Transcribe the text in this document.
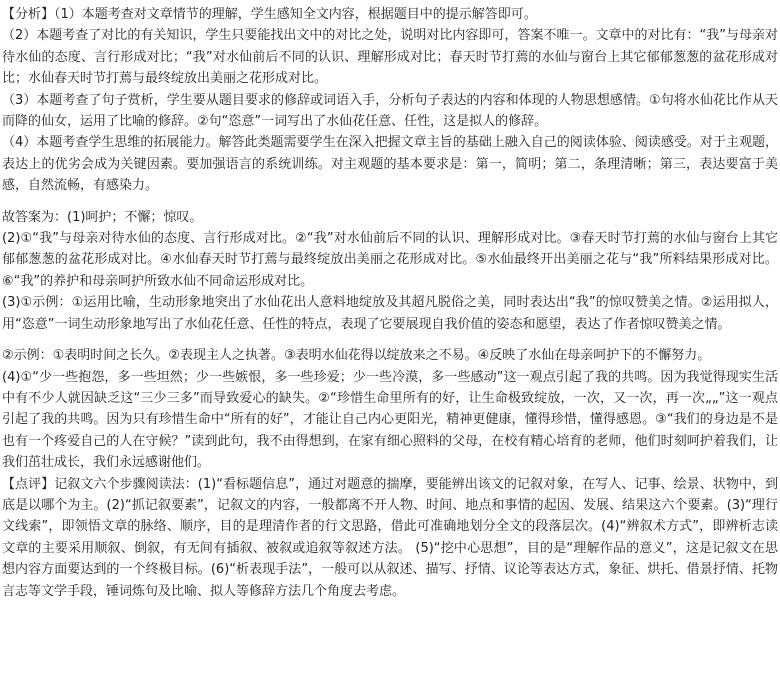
【分析】（1）本题考查对文章情节的理解，学生感知全文内容，根据题目中的提示解答即可。

（2）本题考查了对比的有关知识，学生只要能找出文中的对比之处，说明对比内容即可，答案不唯一。文章中的对比有：“我”与母亲对待水仙的态度、言行形成对比；“我”对水仙前后不同的认识、理解形成对比；春天时节打蔫的水仙与窗台上其它郁郁葱葱的盆花形成对比；水仙春天时节打蔫与最终绽放出美丽之花形成对比。

（3）本题考查了句子赏析，学生要从题目要求的修辞或词语入手，分析句子表达的内容和体现的人物思想感情。①句将水仙花比作从天而降的仙女，运用了比喻的修辞。②句“恣意”一词写出了水仙花任意、任性，这是拟人的修辞。

（4）本题考查学生思维的拓展能力。解答此类题需要学生在深入把握文章主旨的基础上融入自己的阅读体验、阅读感受。对于主观题，表达上的优劣会成为关键因素。要加强语言的系统训练。对主观题的基本要求是：第一，简明；第二，条理清晰；第三，表达要富于美感，自然流畅，有感染力。

故答案为：(1)呵护；不懈；惊叹。

(2)①“我”与母亲对待水仙的态度、言行形成对比。②“我”对水仙前后不同的认识、理解形成对比。③春天时节打蔫的水仙与窗台上其它郁郁葱葱的盆花形成对比。④水仙春天时节打蔫与最终绽放出美丽之花形成对比。⑤水仙最终开出美丽之花与“我”所料结果形成对比。⑥“我”的养护和母亲呵护所致水仙不同命运形成对比。

(3)①示例：①运用比喻，生动形象地突出了水仙花出人意料地绽放及其超凡脱俗之美，同时表达出“我”的惊叹赞美之情。②运用拟人，用“恣意”一词生动形象地写出了水仙花任意、任性的特点，表现了它要展现自我价值的姿态和愿望，表达了作者惊叹赞美之情。

②示例：①表明时间之长久。②表现主人之执著。③表明水仙花得以绽放来之不易。④反映了水仙在母亲呵护下的不懈努力。

(4)①“少一些抱怨，多一些坦然；少一些嫉恨，多一些珍爱；少一些冷漠，多一些感动”这一观点引起了我的共鸣。因为我觉得现实生活中有不少人就因缺乏这“三少三多”而导致爱心的缺失。②“珍惜生命里所有的好，让生命极致绽放，一次，又一次，再一次„„”这一观点引起了我的共鸣。因为只有珍惜生命中“所有的好”，才能让自己内心更阳光，精神更健康，懂得珍惜，懂得感恩。③“我们的身边是不是也有一个疼爱自己的人在守候？”读到此句，我不由得想到，在家有细心照料的父母，在校有精心培育的老师，他们时刻呵护着我们，让我们茁壮成长，我们永远感谢他们。

【点评】记叙文六个步骤阅读法：(1)“看标题信息”，通过对题意的揣摩，要能辨出该文的记叙对象，在写人、记事、绘景、状物中，到底是以哪个为主。(2)“抓记叙要素”，记叙文的内容，一般都离不开人物、时间、地点和事情的起因、发展、结果这六个要素。(3)“理行文线索”，即领悟文章的脉络、顺序，目的是理清作者的行文思路，借此可准确地划分全文的段落层次。(4)“辨叙术方式”，即辨析志读文章的主要采用顺叙、倒叙，有无间有插叙、被叙或追叙等叙述方法。 (5)“挖中心思想”，目的是“理解作品的意义”，这是记叙文在思想内容方面要达到的一个终极目标。(6)“析表现手法”，一般可以从叙述、描写、抒情、议论等表达方式，象征、烘托、借景抒情、托物言志等文学手段，锤词炼句及比喻、拟人等修辞方法几个角度去考虑。
